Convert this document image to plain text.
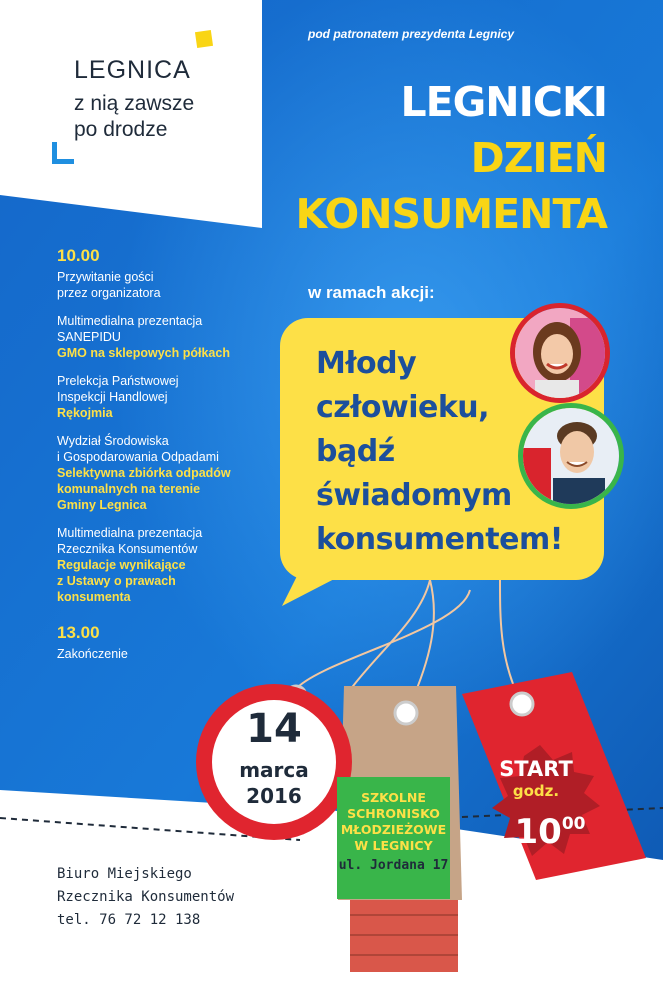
LEGNICA
z nią zawsze
po drodze
pod patronatem prezydenta Legnicy
LEGNICKI
DZIEŃ
KONSUMENTA
w ramach akcji:
Młody
człowieku,
bądź
świadomym
konsumentem!
10.00
Przywitanie gości
przez organizatora
Multimedialna prezentacja
SANEPIDU
GMO na sklepowych półkach
Prelekcja Państwowej
Inspekcji Handlowej
Rękojmia
Wydział Środowiska
i Gospodarowania Odpadami
Selektywna zbiórka odpadów
komunalnych na terenie
Gminy Legnica
Multimedialna prezentacja
Rzecznika Konsumentów
Regulacje wynikające
z Ustawy o prawach
konsumenta
13.00
Zakończenie
14
marca
2016	SZKOLNE
SCHRONISKO
MŁODZIEŻOWE
W LEGNICY
ul. Jordana 17
START
godz.
$10^{00}$
Biuro Miejskiego
Rzecznika Konsumentów
tel. 76 72 12 138
